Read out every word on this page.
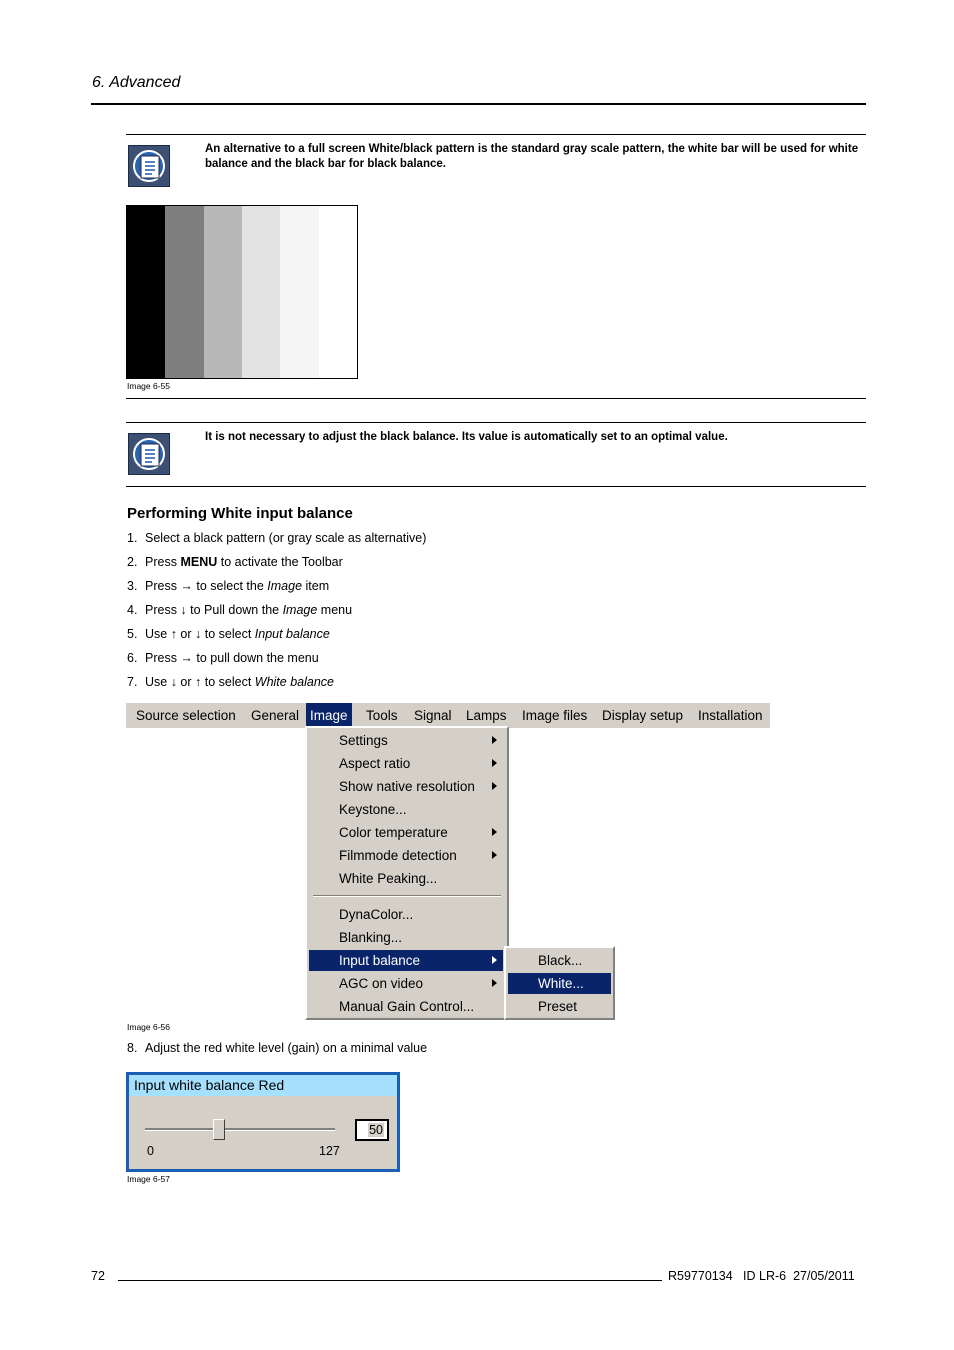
6. Advanced
An alternative to a full screen White/black pattern is the standard gray scale pattern, the white bar will be used for white balance and the black bar for black balance.
Image 6-55
It is not necessary to adjust the black balance. Its value is automatically set to an optimal value.
Performing White input balance
1. Select a black pattern (or gray scale as alternative)
2. Press MENU to activate the Toolbar
3. Press → to select the Image item
4. Press ↓ to Pull down the Image menu
5. Use ↑ or ↓ to select Input balance
6. Press → to pull down the menu
7. Use ↓ or ↑ to select White balance
Source selection General Image Tools Signal Lamps Image files Display setup Installation
Settings
Aspect ratio
Show native resolution
Keystone...
Color temperature
Filmmode detection
White Peaking...
DynaColor...
Blanking...
Input balance
AGC on video
Manual Gain Control...
Black...
White...
Preset
Image 6-56
8. Adjust the red white level (gain) on a minimal value
Input white balance Red
50
0	127
Image 6-57
72	R59770134   ID LR-6  27/05/2011
